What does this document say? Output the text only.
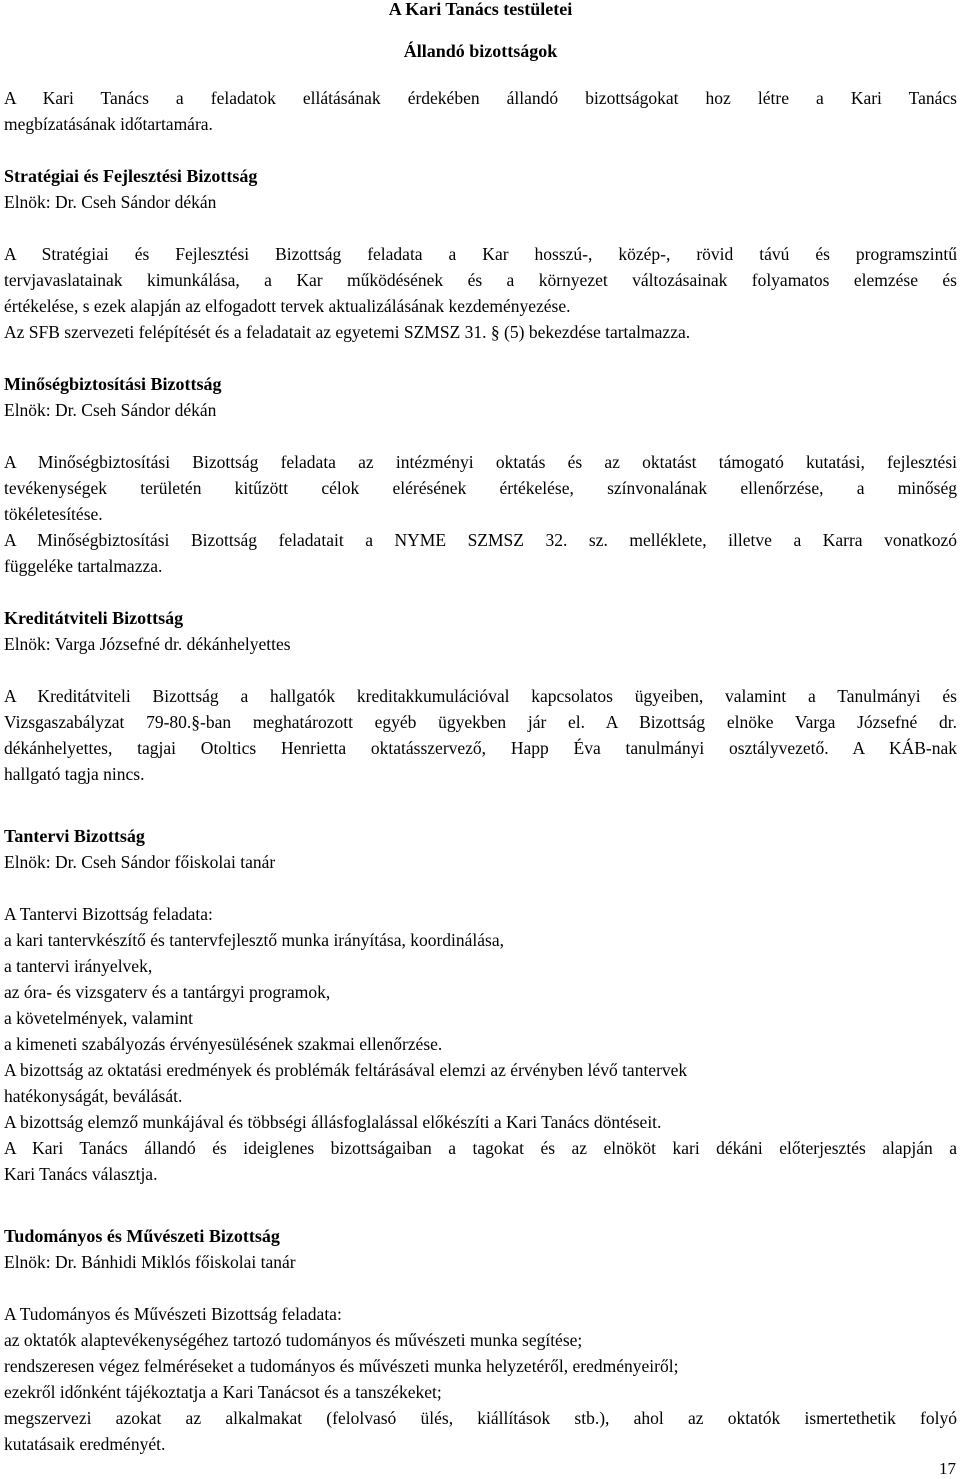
A Kari Tanács testületei
Állandó bizottságok

A Kari Tanács a feladatok ellátásának érdekében állandó bizottságokat hoz létre a Kari Tanács

megbízatásának időtartamára.

Stratégiai és Fejlesztési Bizottság
Elnök: Dr. Cseh Sándor dékán

A Stratégiai és Fejlesztési Bizottság feladata a Kar hosszú-, közép-, rövid távú és programszintű

tervjavaslatainak kimunkálása, a Kar működésének és a környezet változásainak folyamatos elemzése és

értékelése, s ezek alapján az elfogadott tervek aktualizálásának kezdeményezése.

Az SFB szervezeti felépítését és a feladatait az egyetemi SZMSZ 31. § (5) bekezdése tartalmazza.

Minőségbiztosítási Bizottság
Elnök: Dr. Cseh Sándor dékán

A Minőségbiztosítási Bizottság feladata az intézményi oktatás és az oktatást támogató kutatási, fejlesztési

tevékenységek területén kitűzött célok elérésének értékelése, színvonalának ellenőrzése, a minőség

tökéletesítése.

A Minőségbiztosítási Bizottság feladatait a NYME SZMSZ 32. sz. melléklete, illetve a Karra vonatkozó

függeléke tartalmazza.

Kreditátviteli Bizottság
Elnök: Varga Józsefné dr. dékánhelyettes

A Kreditátviteli Bizottság a hallgatók kreditakkumulációval kapcsolatos ügyeiben, valamint a Tanulmányi és

Vizsgaszabályzat 79-80.§-ban meghatározott egyéb ügyekben jár el. A Bizottság elnöke Varga Józsefné dr.

dékánhelyettes, tagjai Otoltics Henrietta oktatásszervező, Happ Éva tanulmányi osztályvezető. A KÁB-nak

hallgató tagja nincs.

Tantervi Bizottság
Elnök: Dr. Cseh Sándor főiskolai tanár

A Tantervi Bizottság feladata:

a kari tantervkészítő és tantervfejlesztő munka irányítása, koordinálása,

a tantervi irányelvek,

az óra- és vizsgaterv és a tantárgyi programok,

a követelmények, valamint

a kimeneti szabályozás érvényesülésének szakmai ellenőrzése.

A bizottság az oktatási eredmények és problémák feltárásával elemzi az érvényben lévő tantervek

hatékonyságát, beválását.

A bizottság elemző munkájával és többségi állásfoglalással előkészíti a Kari Tanács döntéseit.

A Kari Tanács állandó és ideiglenes bizottságaiban a tagokat és az elnököt kari dékáni előterjesztés alapján a

Kari Tanács választja.

Tudományos és Művészeti Bizottság
Elnök: Dr. Bánhidi Miklós főiskolai tanár

A Tudományos és Művészeti Bizottság feladata:

az oktatók alaptevékenységéhez tartozó tudományos és művészeti munka segítése;

rendszeresen végez felméréseket a tudományos és művészeti munka helyzetéről, eredményeiről;

ezekről időnként tájékoztatja a Kari Tanácsot és a tanszékeket;

megszervezi azokat az alkalmakat (felolvasó ülés, kiállítások stb.), ahol az oktatók ismertethetik folyó

kutatásaik eredményét.

17
